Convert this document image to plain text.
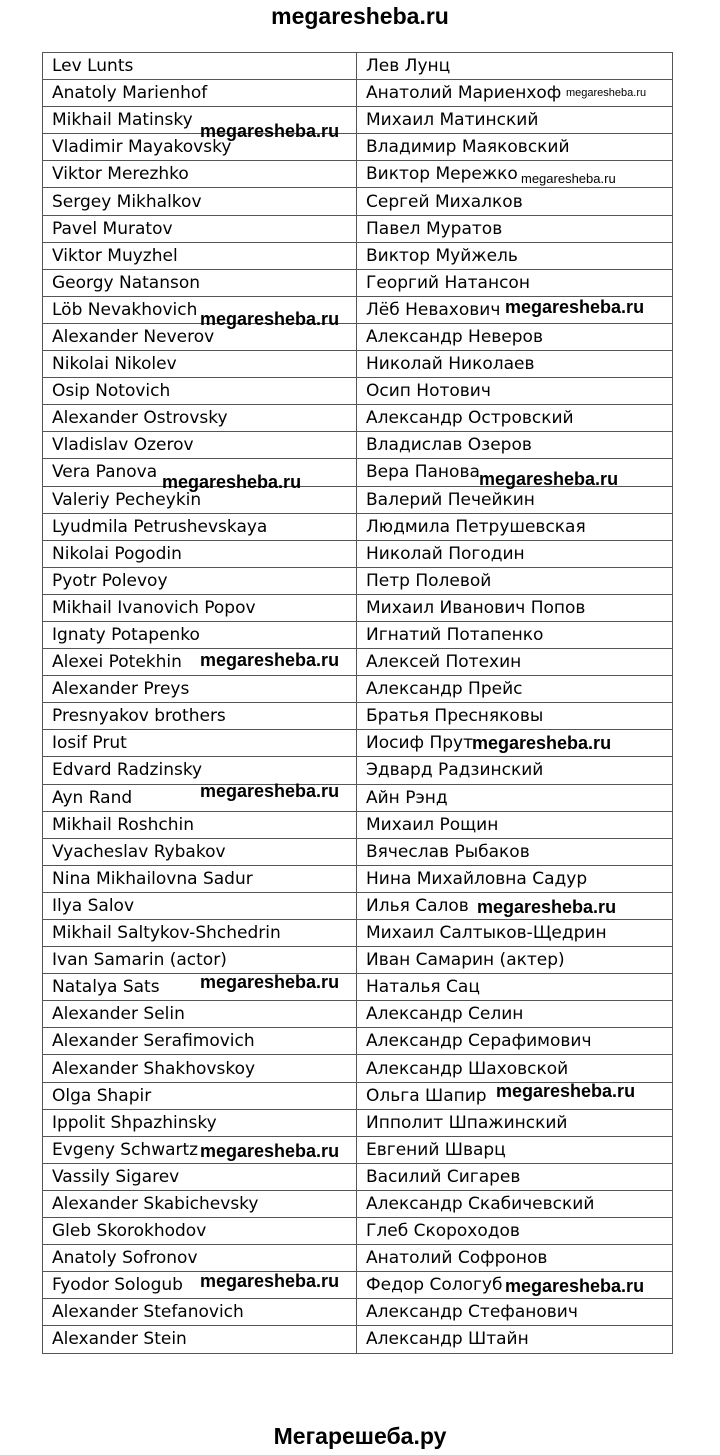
megaresheba.ru
Lev Lunts	Лев Лунц
Anatoly Marienhof	Анатолий Мариенхоф
Mikhail Matinsky	Михаил Матинский
Vladimir Mayakovsky	Владимир Маяковский
Viktor Merezhko	Виктор Мережко
Sergey Mikhalkov	Сергей Михалков
Pavel Muratov	Павел Муратов
Viktor Muyzhel	Виктор Муйжель
Georgy Natanson	Георгий Натансон
Löb Nevakhovich	Лёб Невахович
Alexander Neverov	Александр Неверов
Nikolai Nikolev	Николай Николаев
Osip Notovich	Осип Нотович
Alexander Ostrovsky	Александр Островский
Vladislav Ozerov	Владислав Озеров
Vera Panova	Вера Панова
Valeriy Pecheykin	Валерий Печейкин
Lyudmila Petrushevskaya	Людмила Петрушевская
Nikolai Pogodin	Николай Погодин
Pyotr Polevoy	Петр Полевой
Mikhail Ivanovich Popov	Михаил Иванович Попов
Ignaty Potapenko	Игнатий Потапенко
Alexei Potekhin	Алексей Потехин
Alexander Preys	Александр Прейс
Presnyakov brothers	Братья Пресняковы
Iosif Prut	Иосиф Прут
Edvard Radzinsky	Эдвард Радзинский
Ayn Rand	Айн Рэнд
Mikhail Roshchin	Михаил Рощин
Vyacheslav Rybakov	Вячеслав Рыбаков
Nina Mikhailovna Sadur	Нина Михайловна Садур
Ilya Salov	Илья Салов
Mikhail Saltykov-Shchedrin	Михаил Салтыков-Щедрин
Ivan Samarin (actor)	Иван Самарин (актер)
Natalya Sats	Наталья Сац
Alexander Selin	Александр Селин
Alexander Serafimovich	Александр Серафимович
Alexander Shakhovskoy	Александр Шаховской
Olga Shapir	Ольга Шапир
Ippolit Shpazhinsky	Ипполит Шпажинский
Evgeny Schwartz	Евгений Шварц
Vassily Sigarev	Василий Сигарев
Alexander Skabichevsky	Александр Скабичевский
Gleb Skorokhodov	Глеб Скороходов
Anatoly Sofronov	Анатолий Софронов
Fyodor Sologub	Федор Сологуб
Alexander Stefanovich	Александр Стефанович
Alexander Stein	Александр Штайн
megaresheba.ru
megaresheba.ru
megaresheba.ru
megaresheba.ru
megaresheba.ru
megaresheba.ru	megaresheba.ru
megaresheba.ru
megaresheba.ru
megaresheba.ru
megaresheba.ru
megaresheba.ru
megaresheba.ru
megaresheba.ru
megaresheba.ru	megaresheba.ru
Мегарешеба.ру
